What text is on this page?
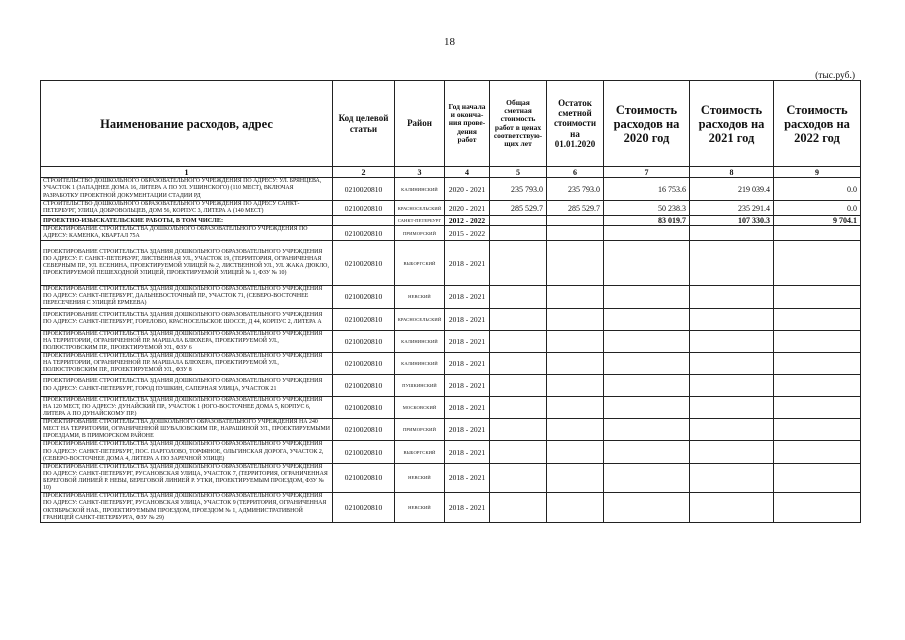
18
(тыс.руб.)
Наименование расходов, адрес	Код целевой статьи	Район	Год начала и оконча-ния прове-дения работ	Общая сметная стоимость работ в ценах соответствую-щих лет	Остаток сметной стоимости на 01.01.2020	Стоимость расходов на 2020 год	Стоимость расходов на 2021 год	Стоимость расходов на 2022 год
1	2	3	4	5	6	7	8	9
СТРОИТЕЛЬСТВО ДОШКОЛЬНОГО ОБРАЗОВАТЕЛЬНОГО УЧРЕЖДЕНИЯ ПО АДРЕСУ: УЛ. БРЯНЦЕВА, УЧАСТОК 1 (ЗАПАДНЕЕ ДОМА 16, ЛИТЕРА А ПО УЛ. УШИНСКОГО) (110 МЕСТ), ВКЛЮЧАЯ РАЗРАБОТКУ ПРОЕКТНОЙ ДОКУМЕНТАЦИИ СТАДИИ РД	0210020810	КАЛИНИНСКИЙ	2020 - 2021	235 793.0	235 793.0	16 753.6	219 039.4	0.0
СТРОИТЕЛЬСТВО ДОШКОЛЬНОГО ОБРАЗОВАТЕЛЬНОГО УЧРЕЖДЕНИЯ ПО АДРЕСУ САНКТ-ПЕТЕРБУРГ, УЛИЦА ДОБРОВОЛЬЦЕВ, ДОМ 56, КОРПУС 3, ЛИТЕРА А (140 МЕСТ)	0210020810	КРАСНОСЕЛЬСКИЙ	2020 - 2021	285 529.7	285 529.7	50 238.3	235 291.4	0.0
ПРОЕКТНО-ИЗЫСКАТЕЛЬСКИЕ РАБОТЫ, В ТОМ ЧИСЛЕ:		САНКТ-ПЕТЕРБУРГ	2012 - 2022			83 019.7	107 330.3	9 704.1
ПРОЕКТИРОВАНИЕ СТРОИТЕЛЬСТВА ДОШКОЛЬНОГО ОБРАЗОВАТЕЛЬНОГО УЧРЕЖДЕНИЯ ПО АДРЕСУ: КАМЕНКА, КВАРТАЛ 75А	0210020810	ПРИМОРСКИЙ	2015 - 2022					
ПРОЕКТИРОВАНИЕ СТРОИТЕЛЬСТВА ЗДАНИЯ ДОШКОЛЬНОГО ОБРАЗОВАТЕЛЬНОГО УЧРЕЖДЕНИЯ ПО АДРЕСУ: Г. САНКТ-ПЕТЕРБУРГ, ЛИСТВЕННАЯ УЛ., УЧАСТОК 19, (ТЕРРИТОРИЯ, ОГРАНИЧЕННАЯ СЕВЕРНЫМ ПР., УЛ. ЕСЕНИНА, ПРОЕКТИРУЕМОЙ УЛИЦЕЙ № 2, ЛИСТВЕННОЙ УЛ., УЛ. ЖАКА ДЮКЛО, ПРОЕКТИРУЕМОЙ ПЕШЕХОДНОЙ УЛИЦЕЙ, ПРОЕКТИРУЕМОЙ УЛИЦЕЙ № 1, ФЗУ № 10)	0210020810	ВЫБОРГСКИЙ	2018 - 2021					
ПРОЕКТИРОВАНИЕ СТРОИТЕЛЬСТВА ЗДАНИЯ ДОШКОЛЬНОГО ОБРАЗОВАТЕЛЬНОГО УЧРЕЖДЕНИЯ ПО АДРЕСУ: САНКТ-ПЕТЕРБУРГ, ДАЛЬНЕВОСТОЧНЫЙ ПР., УЧАСТОК 71, (СЕВЕРО-ВОСТОЧНЕЕ ПЕРЕСЕЧЕНИЯ С УЛИЦЕЙ ЕРМЕЕВА)	0210020810	НЕВСКИЙ	2018 - 2021					
ПРОЕКТИРОВАНИЕ СТРОИТЕЛЬСТВА ЗДАНИЯ ДОШКОЛЬНОГО ОБРАЗОВАТЕЛЬНОГО УЧРЕЖДЕНИЯ ПО АДРЕСУ: САНКТ-ПЕТЕРБУРГ, ГОРЕЛОВО, КРАСНОСЕЛЬСКОЕ ШОССЕ, Д 44, КОРПУС 2, ЛИТЕРА А	0210020810	КРАСНОСЕЛЬСКИЙ	2018 - 2021					
ПРОЕКТИРОВАНИЕ СТРОИТЕЛЬСТВА ЗДАНИЯ ДОШКОЛЬНОГО ОБРАЗОВАТЕЛЬНОГО УЧРЕЖДЕНИЯ НА ТЕРРИТОРИИ, ОГРАНИЧЕННОЙ ПР. МАРШАЛА БЛЮХЕРА, ПРОЕКТИРУЕМОЙ УЛ., ПОЛЮСТРОВСКИМ ПР., ПРОЕКТИРУЕМОЙ УЛ., ФЗУ 6	0210020810	КАЛИНИНСКИЙ	2018 - 2021					
ПРОЕКТИРОВАНИЕ СТРОИТЕЛЬСТВА ЗДАНИЯ ДОШКОЛЬНОГО ОБРАЗОВАТЕЛЬНОГО УЧРЕЖДЕНИЯ НА ТЕРРИТОРИИ, ОГРАНИЧЕННОЙ ПР. МАРШАЛА БЛЮХЕРА, ПРОЕКТИРУЕМОЙ УЛ., ПОЛЮСТРОВСКИМ ПР., ПРОЕКТИРУЕМОЙ УЛ., ФЗУ 8	0210020810	КАЛИНИНСКИЙ	2018 - 2021					
ПРОЕКТИРОВАНИЕ СТРОИТЕЛЬСТВА ЗДАНИЯ ДОШКОЛЬНОГО ОБРАЗОВАТЕЛЬНОГО УЧРЕЖДЕНИЯ ПО АДРЕСУ: САНКТ-ПЕТЕРБУРГ, ГОРОД ПУШКИН, САПЕРНАЯ УЛИЦА, УЧАСТОК 21	0210020810	ПУШКИНСКИЙ	2018 - 2021					
ПРОЕКТИРОВАНИЕ СТРОИТЕЛЬСТВА ЗДАНИЯ ДОШКОЛЬНОГО ОБРАЗОВАТЕЛЬНОГО УЧРЕЖДЕНИЯ НА 120 МЕСТ, ПО АДРЕСУ: ДУНАЙСКИЙ ПР., УЧАСТОК 1 (ЮГО-ВОСТОЧНЕЕ ДОМА 5, КОРПУС 6, ЛИТЕРА А ПО ДУНАЙСКОМУ ПР.)	0210020810	МОСКОВСКИЙ	2018 - 2021					
ПРОЕКТИРОВАНИЕ СТРОИТЕЛЬСТВА ДОШКОЛЬНОГО ОБРАЗОВАТЕЛЬНОГО УЧРЕЖДЕНИЯ НА 240 МЕСТ НА ТЕРРИТОРИИ, ОГРАНИЧЕННОЙ ШУВАЛОВСКИМ ПР., НАРАШИНОЙ УЛ., ПРОЕКТИРУЕМЫМИ ПРОЕЗДАМИ, В ПРИМОРСКОМ РАЙОНЕ	0210020810	ПРИМОРСКИЙ	2018 - 2021					
ПРОЕКТИРОВАНИЕ СТРОИТЕЛЬСТВА ЗДАНИЯ ДОШКОЛЬНОГО ОБРАЗОВАТЕЛЬНОГО УЧРЕЖДЕНИЯ ПО АДРЕСУ: САНКТ-ПЕТЕРБУРГ, ПОС. ПАРГОЛОВО, ТОРФЯНОЕ, ОЛЬГИНСКАЯ ДОРОГА, УЧАСТОК 2, (СЕВЕРО-ВОСТОЧНЕЕ ДОМА 4, ЛИТЕРА А ПО ЗАРЕЧНОЙ УЛИЦЕ)	0210020810	ВЫБОРГСКИЙ	2018 - 2021					
ПРОЕКТИРОВАНИЕ СТРОИТЕЛЬСТВА ЗДАНИЯ ДОШКОЛЬНОГО ОБРАЗОВАТЕЛЬНОГО УЧРЕЖДЕНИЯ ПО АДРЕСУ: САНКТ-ПЕТЕРБУРГ, РУСАНОВСКАЯ УЛИЦА, УЧАСТОК 7, (ТЕРРИТОРИЯ, ОГРАНИЧЕННАЯ БЕРЕГОВОЙ ЛИНИЕЙ Р. НЕВЫ, БЕРЕГОВОЙ ЛИНИЕЙ Р. УТКИ, ПРОЕКТИРУЕМЫМ ПРОЕЗДОМ, ФЗУ № 10)	0210020810	НЕВСКИЙ	2018 - 2021					
ПРОЕКТИРОВАНИЕ СТРОИТЕЛЬСТВА ЗДАНИЯ ДОШКОЛЬНОГО ОБРАЗОВАТЕЛЬНОГО УЧРЕЖДЕНИЯ ПО АДРЕСУ: САНКТ-ПЕТЕРБУРГ, РУСАНОВСКАЯ УЛИЦА, УЧАСТОК 9 (ТЕРРИТОРИЯ, ОГРАНИЧЕННАЯ ОКТЯБРЬСКОЙ НАБ., ПРОЕКТИРУЕМЫМ ПРОЕЗДОМ, ПРОЕЗДОМ № 1, АДМИНИСТРАТИВНОЙ ГРАНИЦЕЙ САНКТ-ПЕТЕРБУРГА, ФЗУ № 29)	0210020810	НЕВСКИЙ	2018 - 2021					
